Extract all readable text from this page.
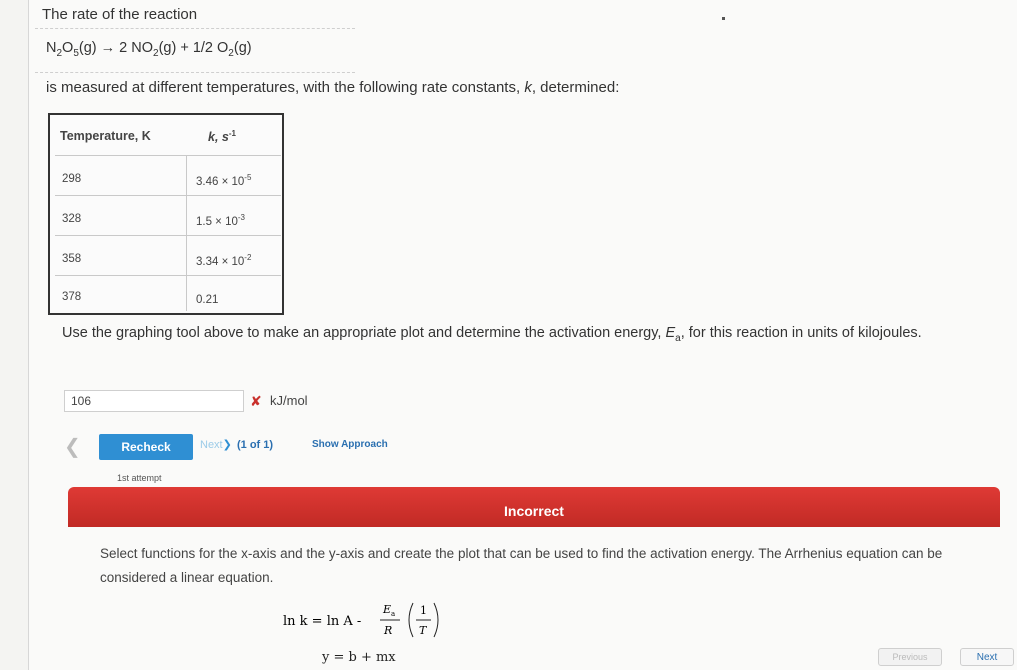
The rate of the reaction
$N_2O_5(g) \to 2$ $NO_2(g) + 1/2$ $O_2(g)$
is measured at different temperatures, with the following rate constants, k, determined:
Temperature, K	k, $s^{-1}$
298	$3.46 \times 10^{-5}$
328	$1.5 \times 10^{-3}$
358	$3.34 \times 10^{-2}$
378	0.21
Use the graphing tool above to make an appropriate plot and determine the activation energy, $E_a$, for this reaction in units of kilojoules.
106
✘ kJ/mol
❮	Recheck	Next❯ (1 of 1)	Show Approach
1st attempt
Incorrect
Select functions for the x-axis and the y-axis and create the plot that can be used to find the activation energy. The Arrhenius equation can be considered a linear equation.
ln k = ln A -
E a
R
1
T
y = b + mx	Previous	Next
